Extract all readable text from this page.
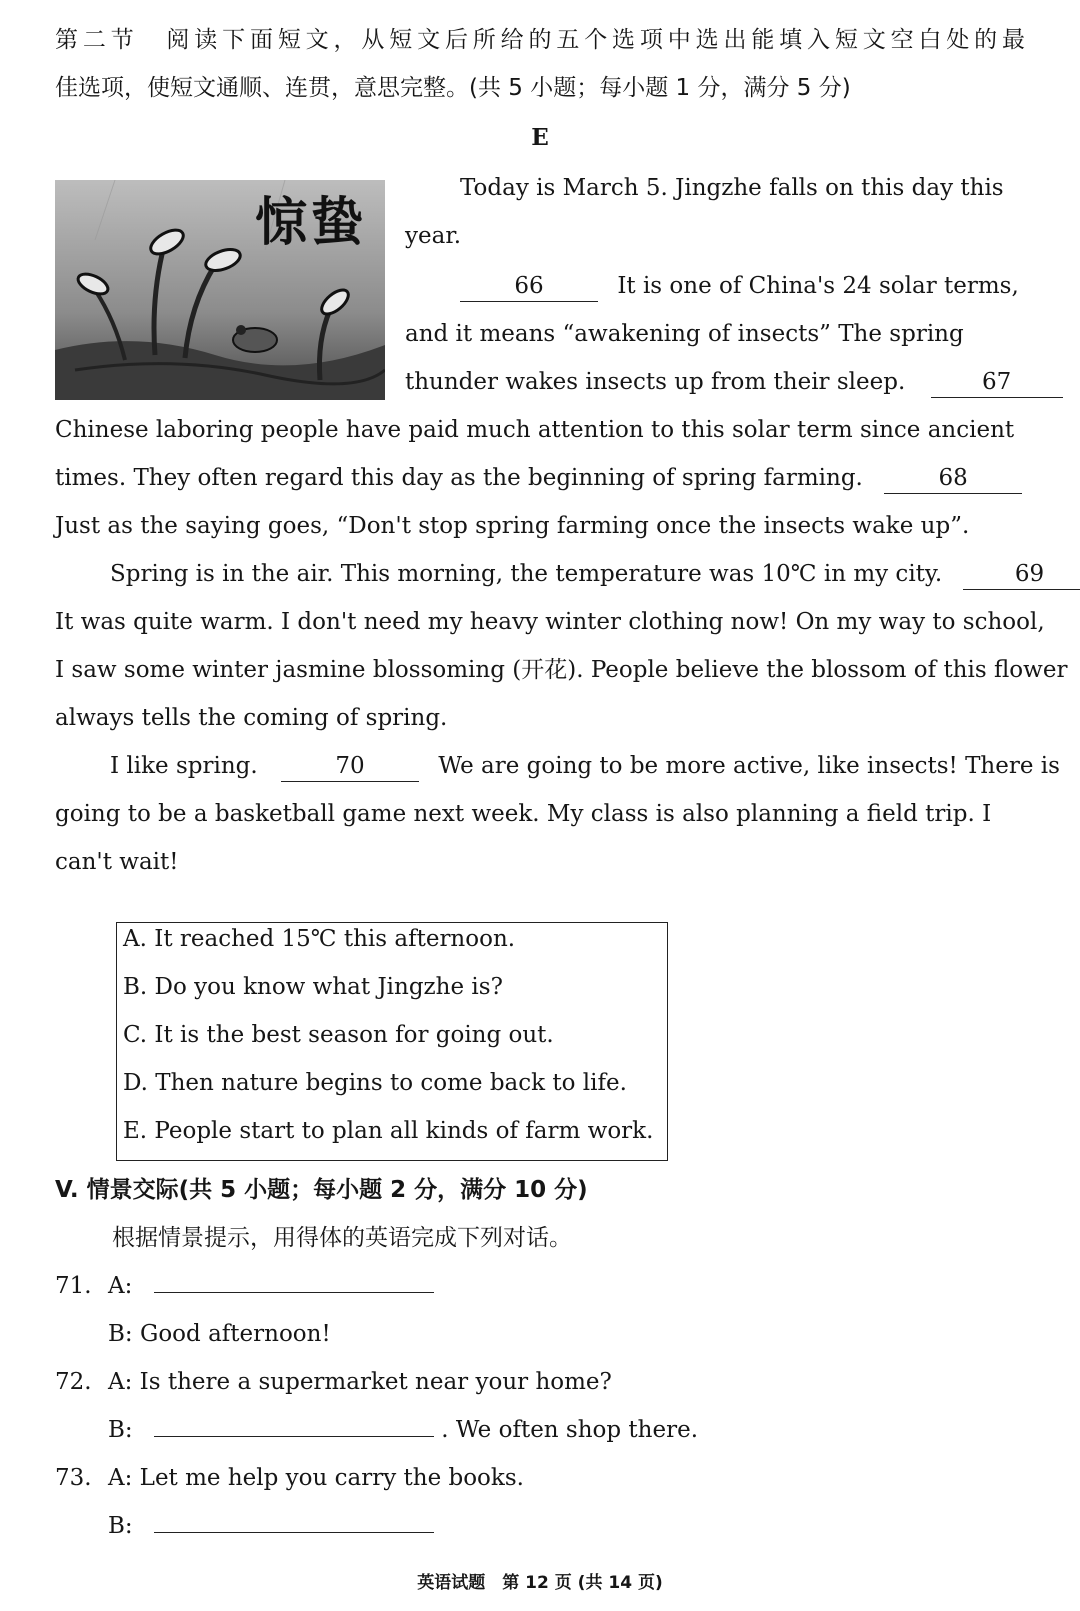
第二节　阅读下面短文，从短文后所给的五个选项中选出能填入短文空白处的最
佳选项，使短文通顺、连贯，意思完整。(共 5 小题；每小题 1 分，满分 5 分)
E
惊蛰
Today is March 5. Jingzhe falls on this day this
year.
66	It is one of China's 24 solar terms,
and it means “awakening of insects” The spring
thunder wakes insects up from their sleep.	67
Chinese laboring people have paid much attention to this solar term since ancient
times. They often regard this day as the beginning of spring farming.	68
Just as the saying goes, “Don't stop spring farming once the insects wake up”.
Spring is in the air. This morning, the temperature was 10℃ in my city.	69
It was quite warm. I don't need my heavy winter clothing now! On my way to school,
I saw some winter jasmine blossoming (开花). People believe the blossom of this flower
always tells the coming of spring.
I like spring.	70	We are going to be more active, like insects! There is
going to be a basketball game next week. My class is also planning a field trip. I
can't wait!
A. It reached 15℃ this afternoon.
B. Do you know what Jingzhe is?
C. It is the best season for going out.
D. Then nature begins to come back to life.
E. People start to plan all kinds of farm work.
V. 情景交际(共 5 小题；每小题 2 分，满分 10 分)
根据情景提示，用得体的英语完成下列对话。
71. A:
B: Good afternoon!
72. A: Is there a supermarket near your home?
B:	. We often shop there.
73. A: Let me help you carry the books.
B:
英语试题　第 12 页 (共 14 页)
